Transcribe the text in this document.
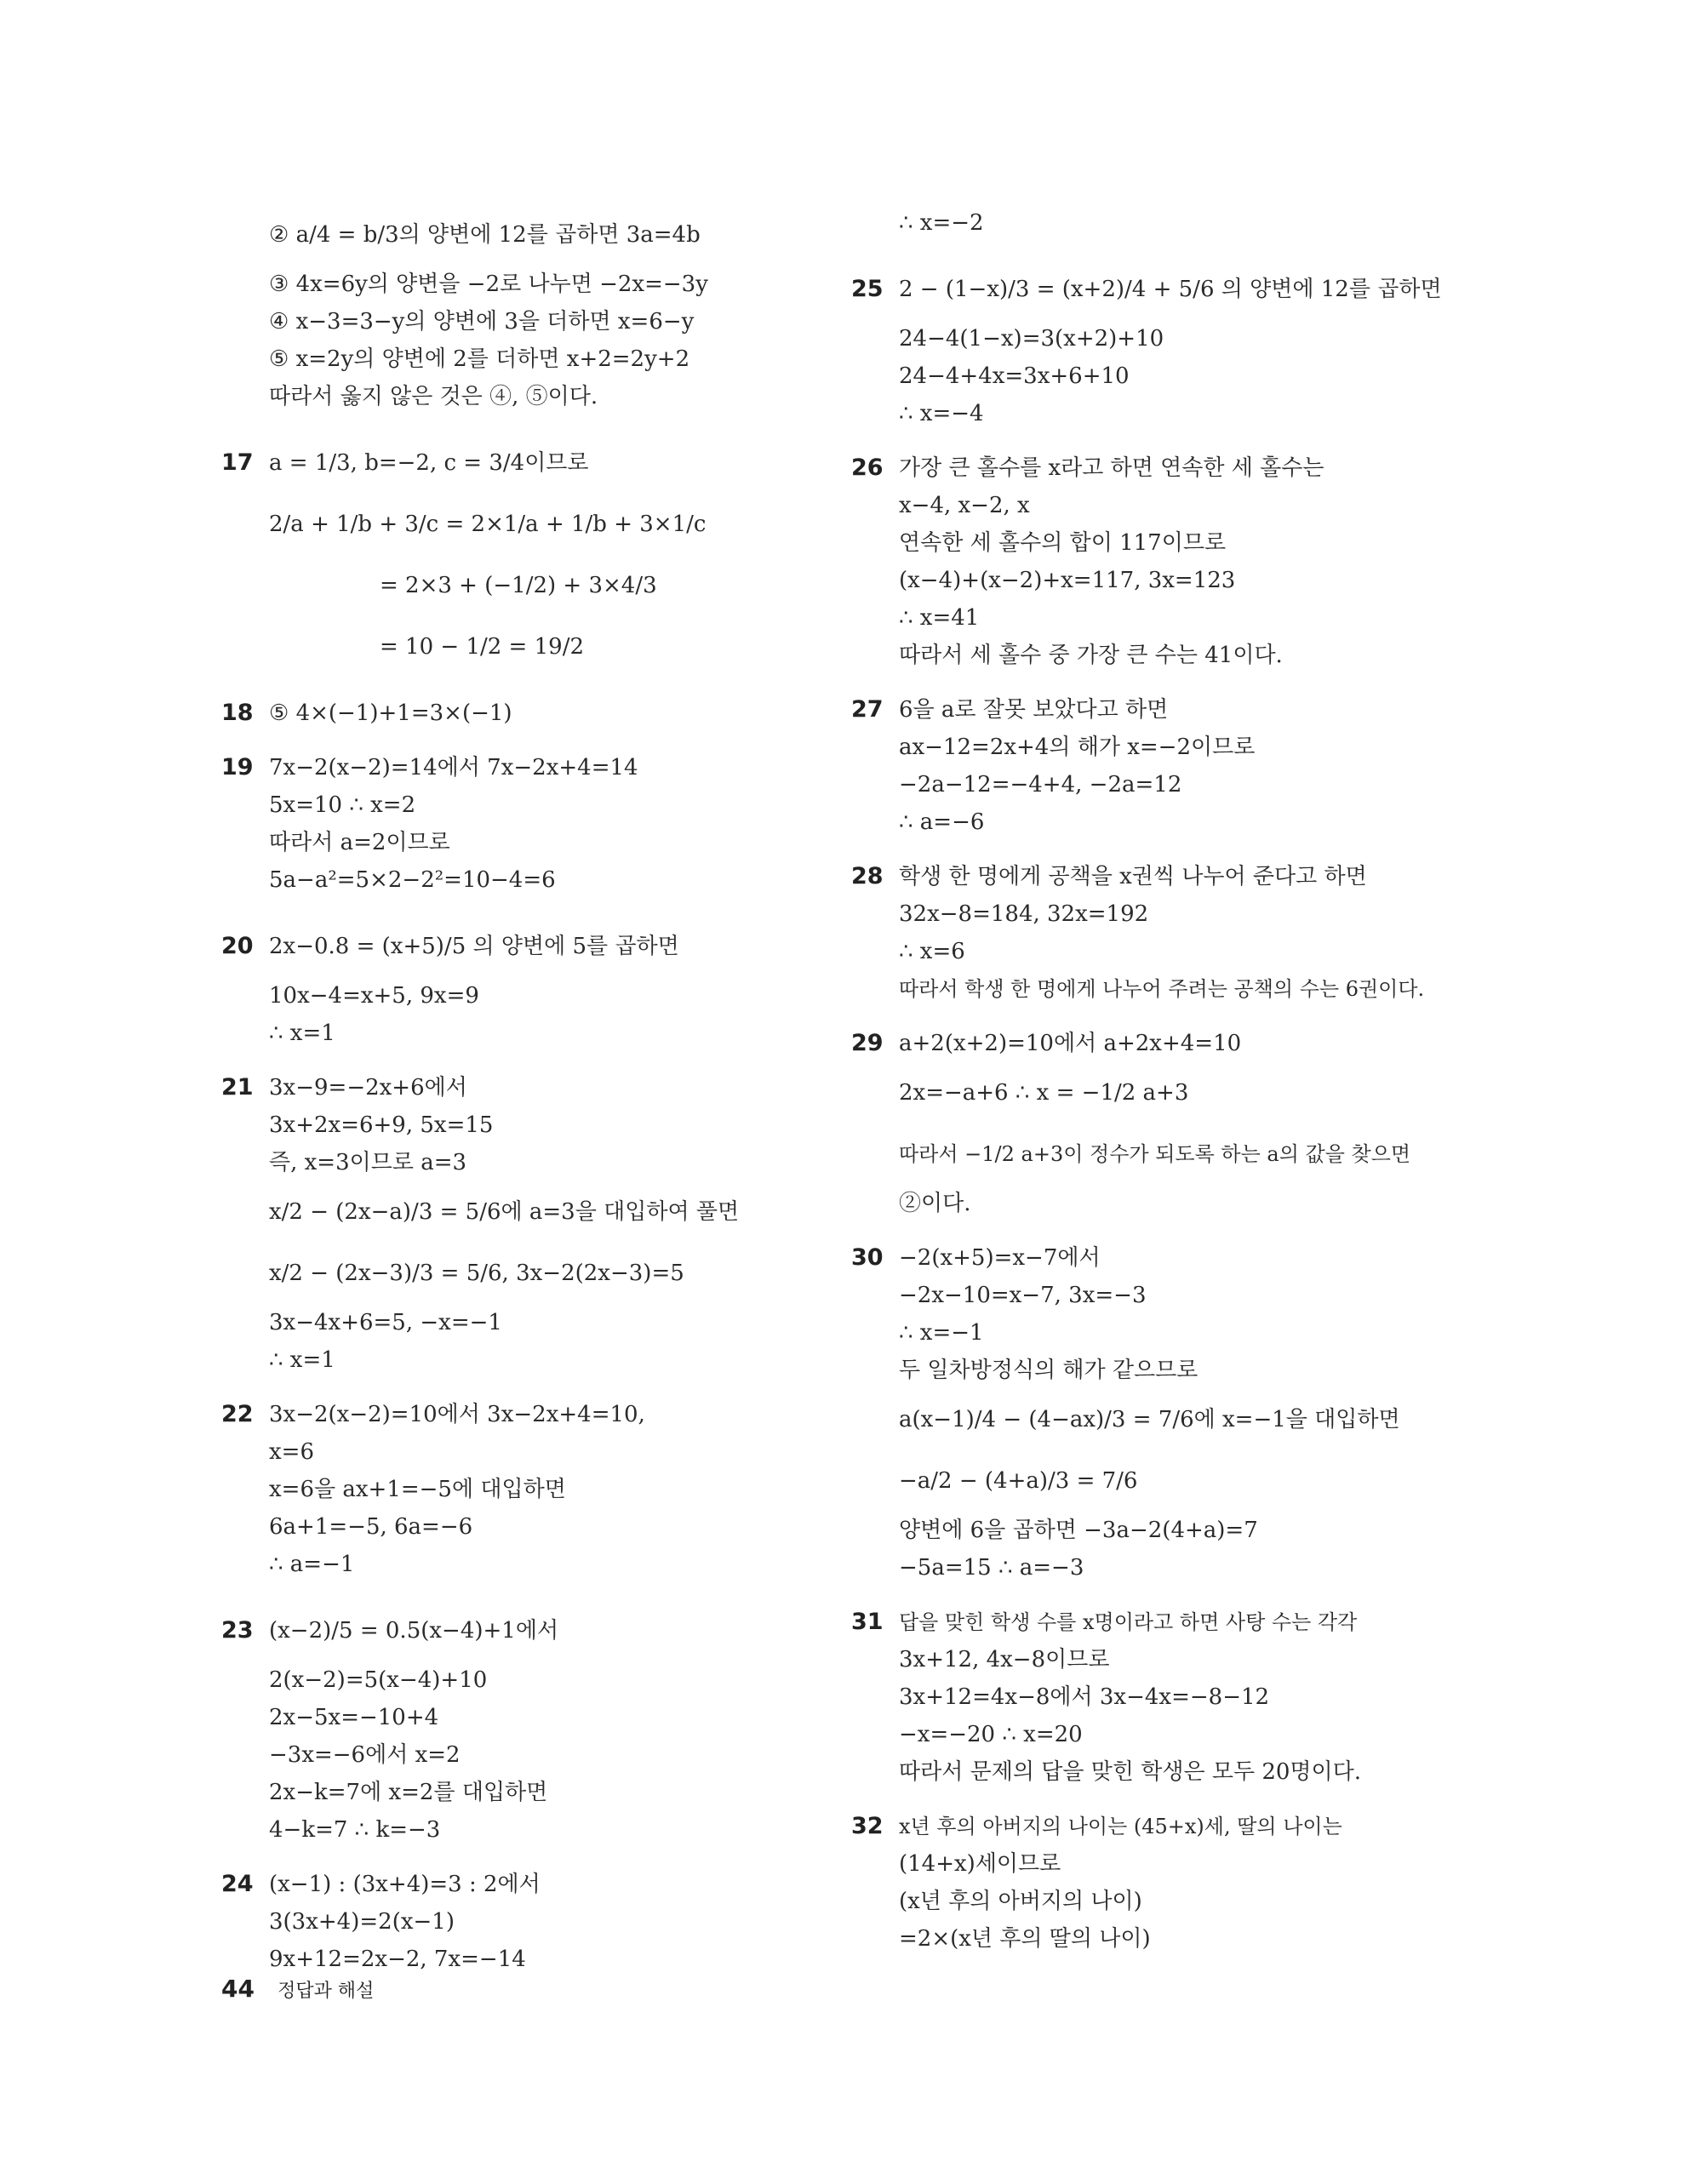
② a/4 = b/3의 양변에 12를 곱하면 3a=4b
③ 4x=6y의 양변을 −2로 나누면 −2x=−3y
④ x−3=3−y의 양변에 3을 더하면 x=6−y
⑤ x=2y의 양변에 2를 더하면 x+2=2y+2
따라서 옳지 않은 것은 ④, ⑤이다.
17 a = 1/3, b=−2, c = 3/4이므로
2/a + 1/b + 3/c = 2×1/a + 1/b + 3×1/c
= 2×3 + (−1/2) + 3×4/3
= 10 − 1/2 = 19/2
18 ⑤ 4×(−1)+1=3×(−1)
19 7x−2(x−2)=14에서 7x−2x+4=14
5x=10 ∴ x=2
따라서 a=2이므로
5a−a²=5×2−2²=10−4=6
20 2x−0.8 = (x+5)/5 의 양변에 5를 곱하면
10x−4=x+5, 9x=9
∴ x=1
21 3x−9=−2x+6에서
3x+2x=6+9, 5x=15
즉, x=3이므로 a=3
x/2 − (2x−a)/3 = 5/6에 a=3을 대입하여 풀면
x/2 − (2x−3)/3 = 5/6, 3x−2(2x−3)=5
3x−4x+6=5, −x=−1
∴ x=1
22 3x−2(x−2)=10에서 3x−2x+4=10,
x=6
x=6을 ax+1=−5에 대입하면
6a+1=−5, 6a=−6
∴ a=−1
23 (x−2)/5 = 0.5(x−4)+1에서
2(x−2)=5(x−4)+10
2x−5x=−10+4
−3x=−6에서 x=2
2x−k=7에 x=2를 대입하면
4−k=7 ∴ k=−3
24 (x−1) : (3x+4)=3 : 2에서
3(3x+4)=2(x−1)
9x+12=2x−2, 7x=−14
∴ x=−2
25 2 − (1−x)/3 = (x+2)/4 + 5/6 의 양변에 12를 곱하면
24−4(1−x)=3(x+2)+10
24−4+4x=3x+6+10
∴ x=−4
26 가장 큰 홀수를 x라고 하면 연속한 세 홀수는
x−4, x−2, x
연속한 세 홀수의 합이 117이므로
(x−4)+(x−2)+x=117, 3x=123
∴ x=41
따라서 세 홀수 중 가장 큰 수는 41이다.
27 6을 a로 잘못 보았다고 하면
ax−12=2x+4의 해가 x=−2이므로
−2a−12=−4+4, −2a=12
∴ a=−6
28 학생 한 명에게 공책을 x권씩 나누어 준다고 하면
32x−8=184, 32x=192
∴ x=6
따라서 학생 한 명에게 나누어 주려는 공책의 수는 6권이다.
29 a+2(x+2)=10에서 a+2x+4=10
2x=−a+6 ∴ x = −1/2 a+3
따라서 −1/2 a+3이 정수가 되도록 하는 a의 값을 찾으면
②이다.
30 −2(x+5)=x−7에서
−2x−10=x−7, 3x=−3
∴ x=−1
두 일차방정식의 해가 같으므로
a(x−1)/4 − (4−ax)/3 = 7/6에 x=−1을 대입하면
−a/2 − (4+a)/3 = 7/6
양변에 6을 곱하면 −3a−2(4+a)=7
−5a=15 ∴ a=−3
31 답을 맞힌 학생 수를 x명이라고 하면 사탕 수는 각각
3x+12, 4x−8이므로
3x+12=4x−8에서 3x−4x=−8−12
−x=−20 ∴ x=20
따라서 문제의 답을 맞힌 학생은 모두 20명이다.
32 x년 후의 아버지의 나이는 (45+x)세, 딸의 나이는
(14+x)세이므로
(x년 후의 아버지의 나이)
=2×(x년 후의 딸의 나이)
44 정답과 해설
